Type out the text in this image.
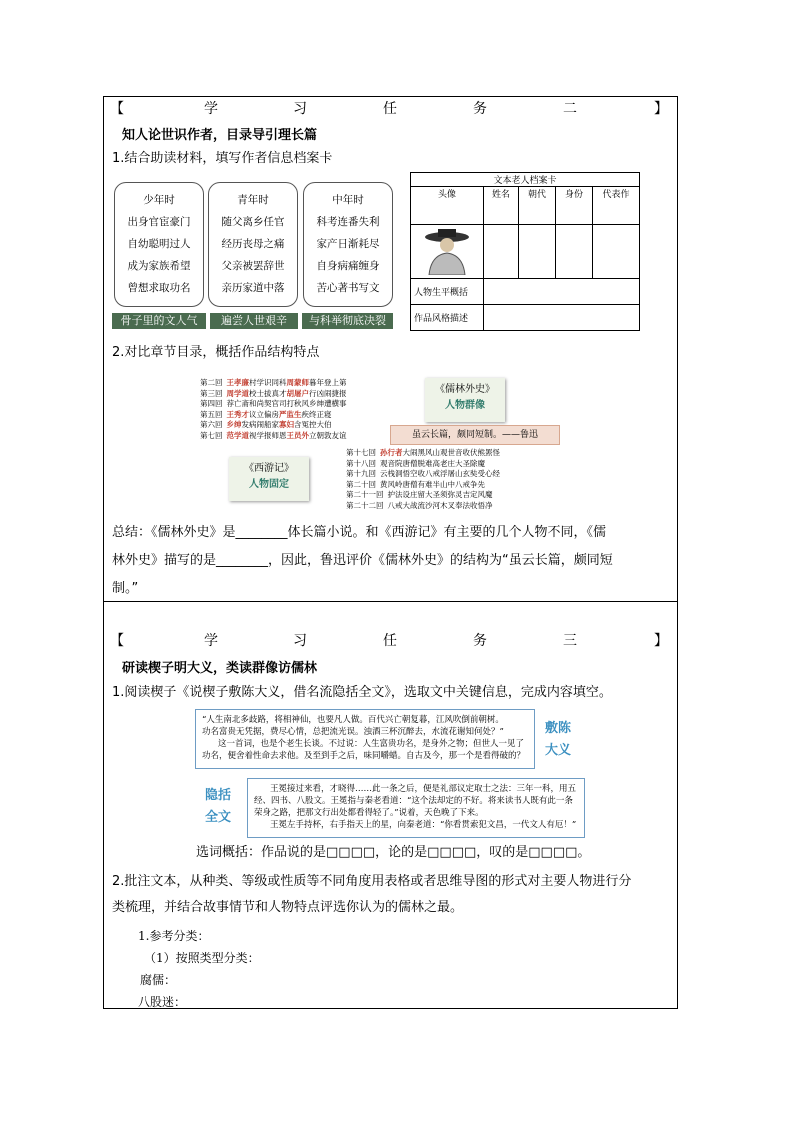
【	学	习	任	务	二	】
知人论世识作者，目录导引理长篇
1.结合助读材料，填写作者信息档案卡
少年时
出身官宦豪门
自幼聪明过人
成为家族希望
曾想求取功名
青年时
随父离乡任官
经历丧母之痛
父亲被罢辞世
亲历家道中落
中年时
科考连番失利
家产日渐耗尽
自身病痛缠身
苦心著书写文
骨子里的文人气	遍尝人世艰辛	与科举彻底决裂
文本老人档案卡				
头像	姓名	朝代	身份	代表作

人物生平概括				
作品风格描述				
2.对比章节目录，概括作品结构特点
第二回 王孝廉村学识同科周蒙师暮年登上第
第三回 周学道校士拔真才胡屠户行凶闹捷报
第四回 荐亡斋和尚契官司打秋风乡绅遭横事
第五回 王秀才议立偏房严监生疾终正寝
第六回 乡绅发病闹船家寡妇含冤控大伯
第七回 范学道视学报师恩王员外立朝敦友谊
《儒林外史》
人物群像
虽云长篇，颇同短制。——鲁迅
《西游记》
人物固定
第十七回 孙行者大闹黑风山观世音收伏熊罴怪
第十八回 观音院唐僧脱难高老庄大圣除魔
第十九回 云栈洞悟空收八戒浮屠山玄奘受心经
第二十回 黄风岭唐僧有难半山中八戒争先
第二十一回 护法设庄留大圣须弥灵吉定风魔
第二十二回 八戒大战流沙河木叉奉法收悟净
总结：《儒林外史》是________体长篇小说。和《西游记》有主要的几个人物不同，《儒
林外史》描写的是________，因此，鲁迅评价《儒林外史》的结构为“虽云长篇，颇同短
制。”
【	学	习	任	务	三	】
研读楔子明大义，类读群像访儒林
1.阅读楔子《说楔子敷陈大义，借名流隐括全文》，选取文中关键信息，完成内容填空。
“人生南北多歧路，将相神仙，也要凡人做。百代兴亡朝复暮，江风吹倒前朝树。
功名富贵无凭据，费尽心情，总把流光误。浊酒三杯沉醉去，水流花谢知何处？”
这一首词，也是个老生长谈。不过说：人生富贵功名，是身外之物；但世人一见了
功名，便舍着性命去求他。及至到手之后，味同嚼蜡。自古及今，那一个是看得破的？
敷陈
大义
隐括
全文
王冕接过来看，才晓得……此一条之后，便是礼部议定取士之法：三年一科，用五
经、四书、八股文。王冕指与秦老看道：“这个法却定的不好。将来读书人既有此一条
荣身之路，把那文行出处都看得轻了。”说着，天色晚了下来。
王冕左手持杯，右手指天上的星，向秦老道：“你看贯索犯文昌，一代文人有厄！”
选词概括：作品说的是□□□□，论的是□□□□，叹的是□□□□。
2.批注文本，从种类、等级或性质等不同角度用表格或者思维导图的形式对主要人物进行分
类梳理，并结合故事情节和人物特点评选你认为的儒林之最。
1.参考分类：
（1）按照类型分类：
腐儒：
八股迷：
